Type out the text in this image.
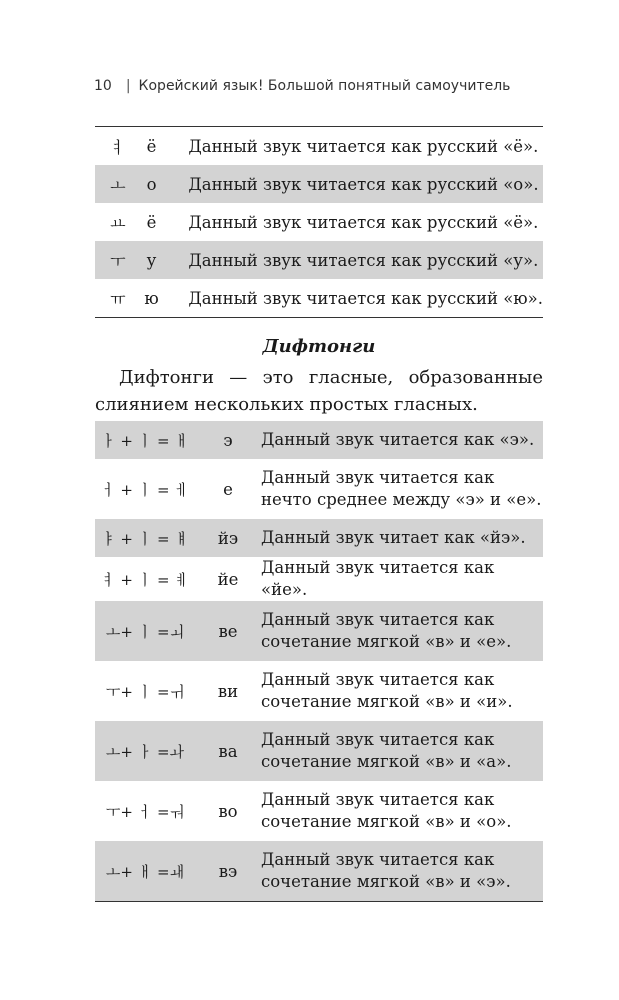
10 | Корейский язык! Большой понятный самоучитель
ㅕ	ё	Данный звук читается как русский «ё».
ㅗ	о	Данный звук читается как русский «о».
ㅛ	ё	Данный звук читается как русский «ё».
ㅜ	у	Данный звук читается как русский «у».
ㅠ	ю	Данный звук читается как русский «ю».
Дифтонги
Дифтонги — это гласные, образованные слиянием нескольких простых гласных.
ㅏ + ㅣ = ㅐ	э	Данный звук читается как «э».
ㅓ + ㅣ = ㅔ	е	Данный звук читается как
нечто среднее между «э» и «е».
ㅑ + ㅣ = ㅒ	йэ	Данный звук читает как «йэ».
ㅕ + ㅣ = ㅖ	йе	Данный звук читается как «йе».
ㅗ+ ㅣ =ㅚ	ве	Данный звук читается как
сочетание мягкой «в» и «е».
ㅜ+ ㅣ =ㅟ	ви	Данный звук читается как
сочетание мягкой «в» и «и».
ㅗ+ ㅏ =ㅘ	ва	Данный звук читается как
сочетание мягкой «в» и «а».
ㅜ+ ㅓ =ㅝ	во	Данный звук читается как
сочетание мягкой «в» и «о».
ㅗ+ ㅐ =ㅙ	вэ	Данный звук читается как
сочетание мягкой «в» и «э».
